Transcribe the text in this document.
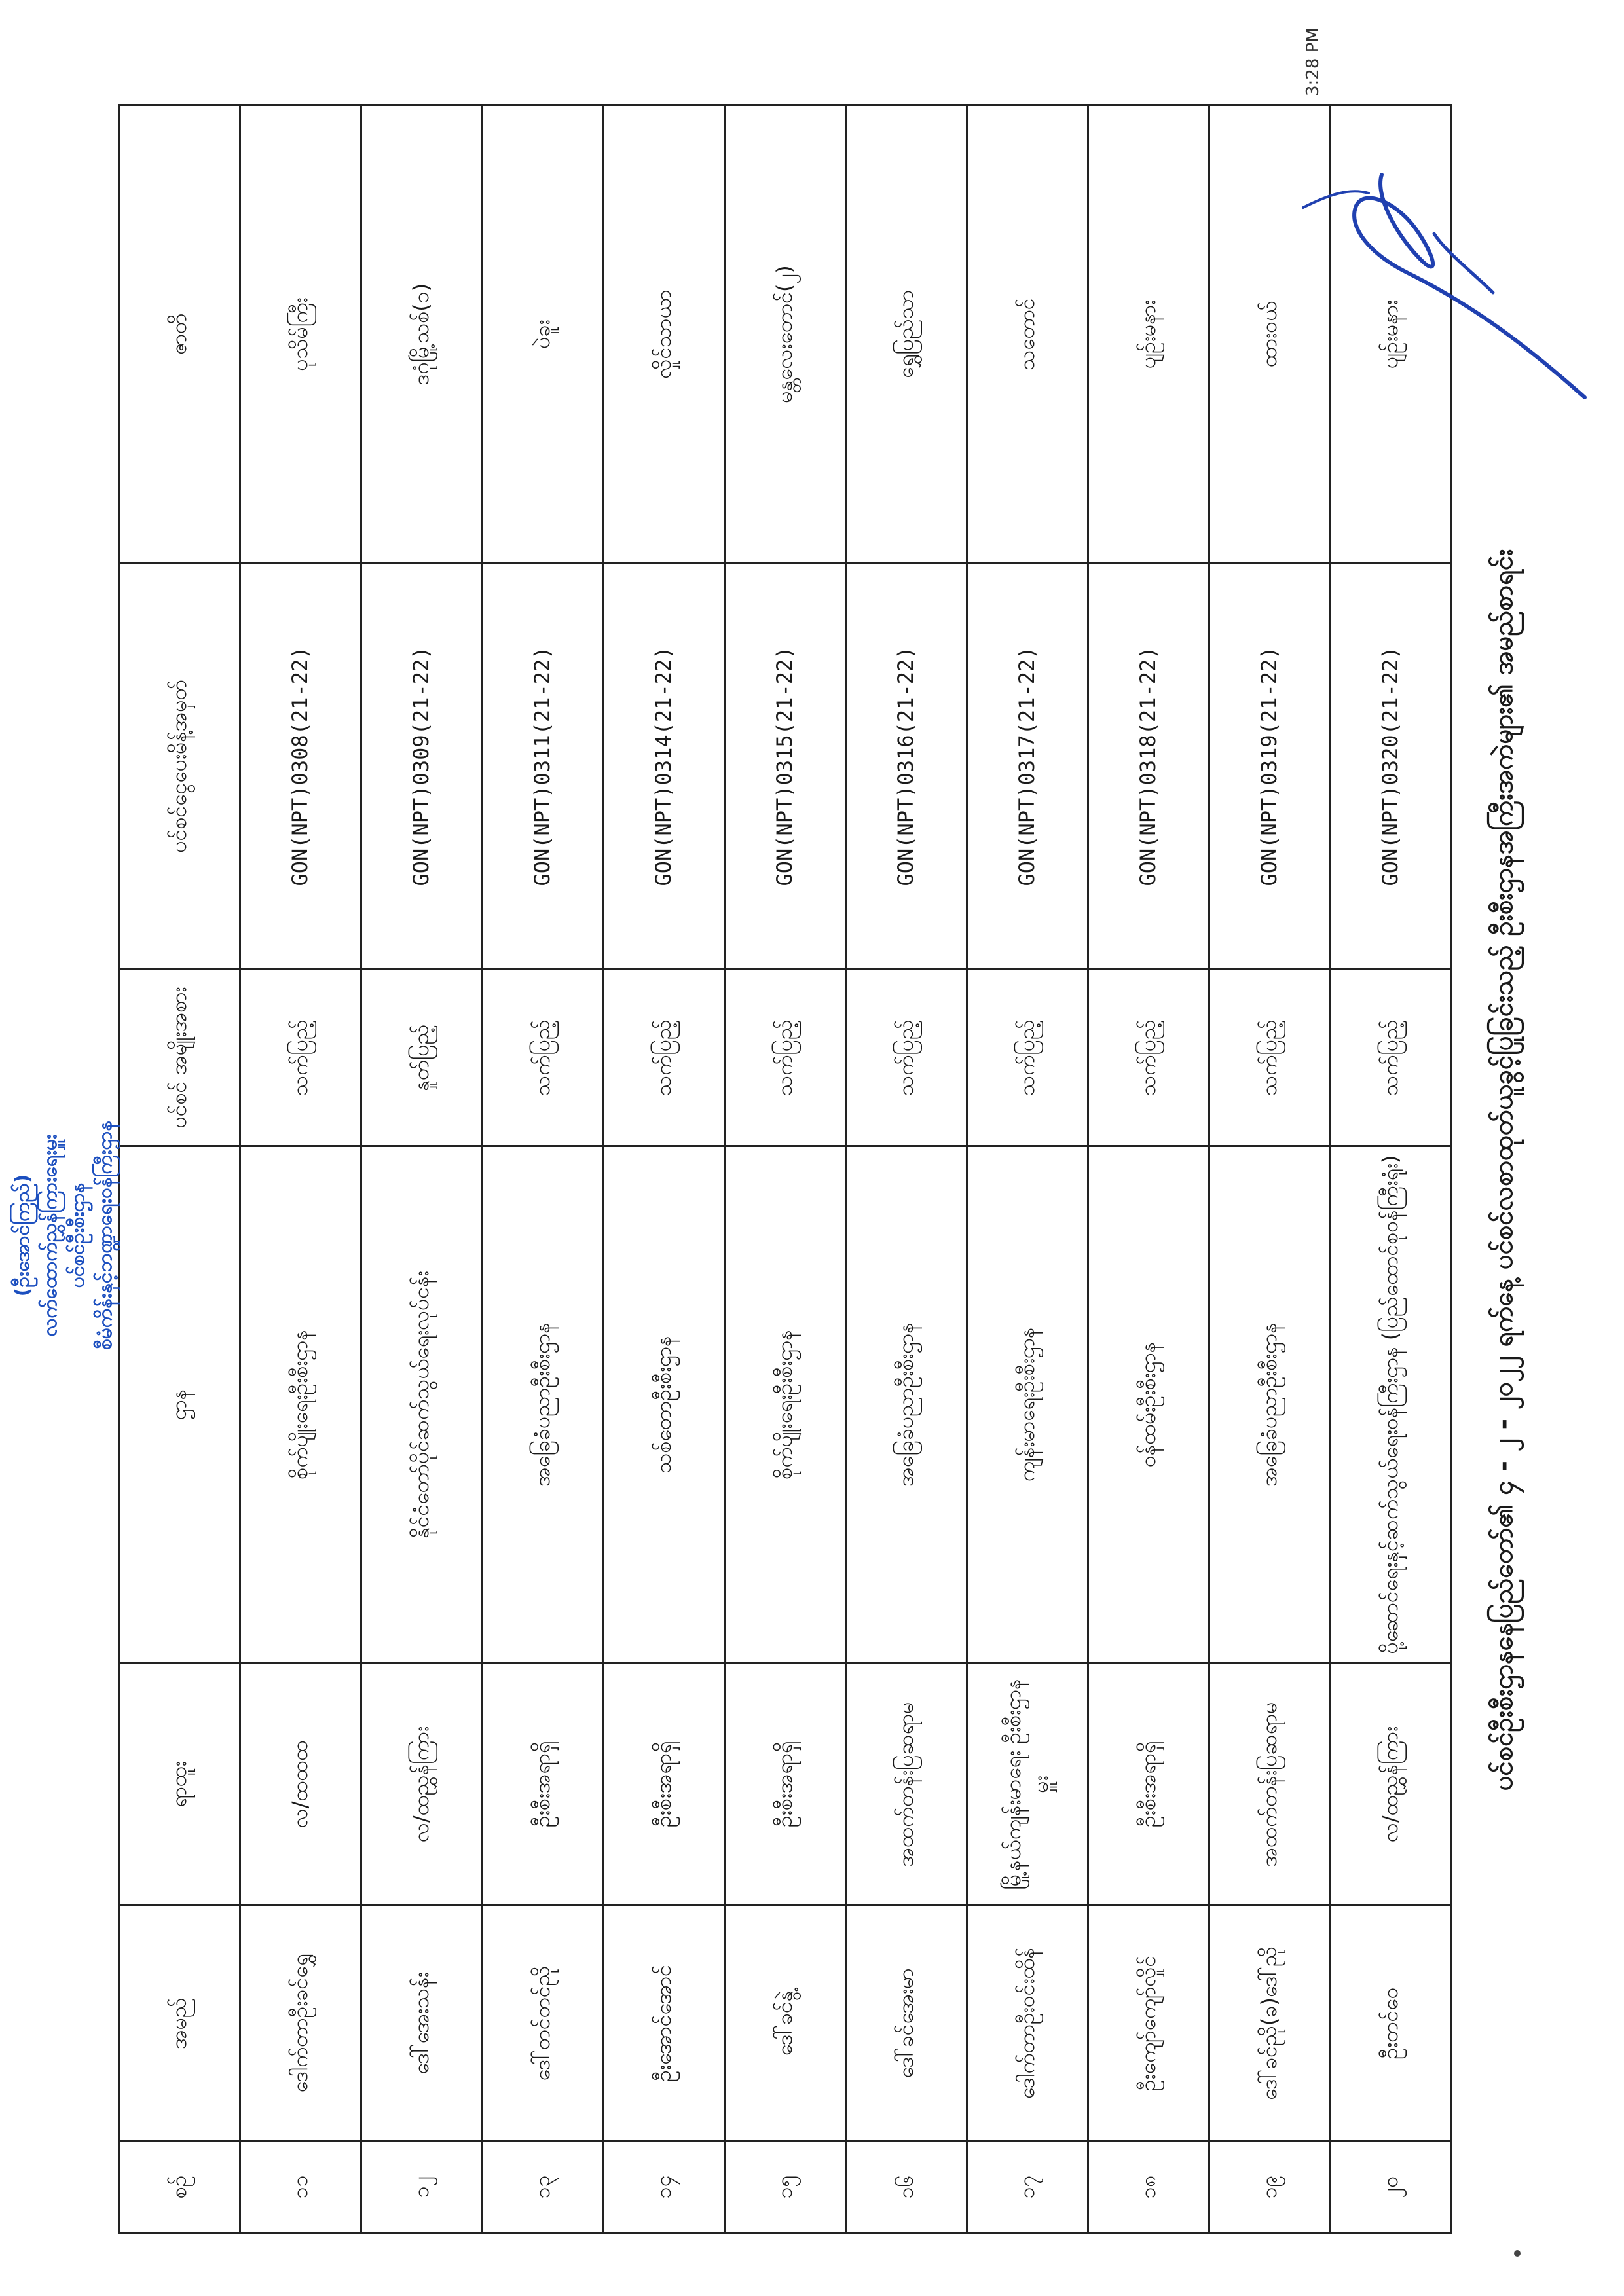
ပင်စင်ဦးစီးဌာနနေပြည်တော်၏ ၄ - ၂ - ၂၀၂၂ ရက်နေ့ ပင်စင်လစာထုတ်ယူခွင့်ပြုခြင်းသည့် ဦးစီးဌာနအကြီးအကဲများ၏ အမည်စာရင်း
စဉ်	အမည်	ရာထူး	ဌာန	ပင်စင် အမျိုးအစား	ပင်စင်ငွေပေးမိန့်အမှတ်	ဇာတိ
၁၁	ဒေါက်တာဦးခင်ရွှေ	လ/ထထထ	စိုက်ပျိုးရေးဦးစီးဌာန	သက်ပြည့်	GON(NPT)0308(21-22)	ပုသိမ်ကြီး
၁၂	ဒေါ်အေးသန်း	လ/ထညွှန်ကြား	နိုင်ငံတော်ပိုင်ဆက်သွယ်ရေးလုပ်ငန်း	နှုတ်ပြည့်	GON(NPT)0309(21-22)	ဒဂုံမြို့သစ်(၁)
၁၃	ဒေါ်တင်တင်ညို	ဦးစီးအရာရှိ	အခြေခံပညာဦးစီးဌာန	သက်ပြည့်	GON(NPT)0311(21-22)	ပဲခူး
၁၄	ဦးအောင်အောင်	ဦးစီးအရာရှိ	သစ်တောဦးစီးဌာန	သက်ပြည့်	GON(NPT)0314(21-22)	လှိုင်သာယာ
၁၅	ဒေါ်ခင်နွဲ့	ဦးစီးအရာရှိ	စိုက်ပျိုးရေးဦးစီးဌာန	သက်ပြည့်	GON(NPT)0315(21-22)	မန္တလေးတောင်(၂)
၁၆	ဒေါ်ခင်အေးမာ	အထက်တန်းပြဆရာမ	အခြေခံပညာဦးစီးဌာန	သက်ပြည့်	GON(NPT)0316(21-22)	ရွှေပြည်သာ
၁၇	ဒေါက်တာဦးဝင်းထိန်	မြို့နယ်ကျန်းမာရေး ဦးစီးဌာနမှူး	ကျန်းမာရေးဦးစီးဌာန	သက်ပြည့်	GON(NPT)0317(21-22)	သတောင်
၁၈	ဦးကျော်ကျော်လှိုင်	ဦးစီးအရာရှိ	ဝန်ထမ်းဦးစီးဌာန	သက်ပြည့်	GON(NPT)0318(21-22)	ပျဉ်းမနား
၁၉	ဒေါ်ခင်ညို(ခ)ဒေါ်ညို	အထက်တန်းပြဆရာမ	အခြေခံပညာဦးစီးဌာန	သက်ပြည့်	GON(NPT)0319(21-22)	ထားဝယ်
၂၀	ဦးတင်ဝေ	လ/ထညွှန်ကြား	ပို့ဆောင်ရေးနှင့်ဆက်သွယ်ရေးဝန်ကြီးဌာန (ပြည်ထောင်စုဝန်ကြီးရုံး)	သက်ပြည့်	GON(NPT)0320(21-22)	ပျဉ်းမနား
(ဦးအောင်ကြည်) လက်ထောက်ညွှန်ကြားရေးမှူး ပင်စင်ဦးစီးဌာန စီမံကိန်းနှင့်ဘဏ္ဍာရေးဝန်ကြီးဌာန
3:28 PM
